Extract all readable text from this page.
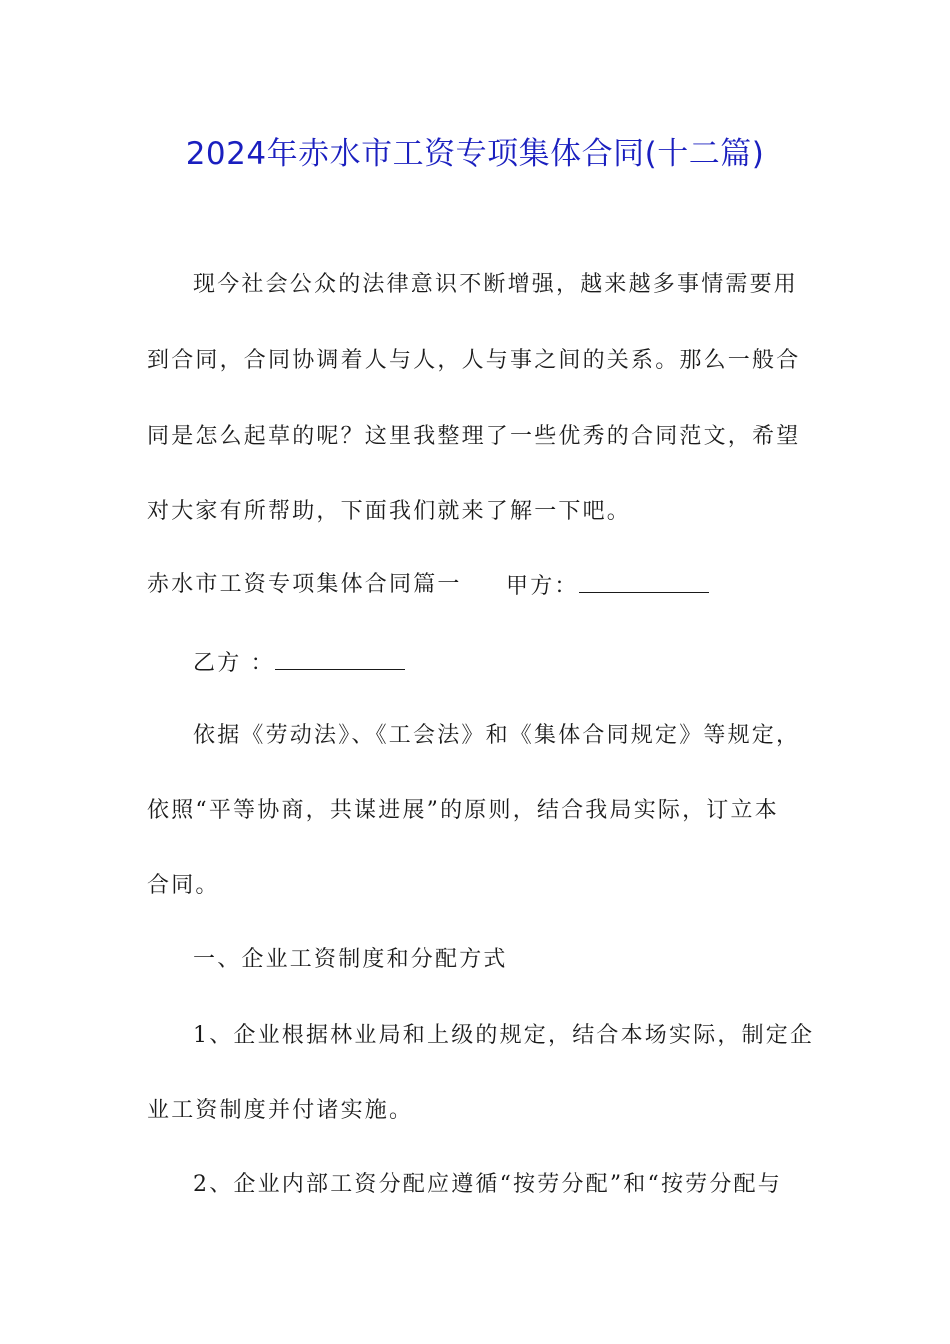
2024年赤水市工资专项集体合同(十二篇)
现今社会公众的法律意识不断增强，越来越多事情需要用
到合同，合同协调着人与人，人与事之间的关系。那么一般合
同是怎么起草的呢？这里我整理了一些优秀的合同范文，希望
对大家有所帮助，下面我们就来了解一下吧。
赤水市工资专项集体合同篇一 甲方：
乙方 ：
依据《劳动法》、《工会法》和《集体合同规定》等规定，
依照“平等协商，共谋进展”的原则，结合我局实际，订立本
合同。
一、企业工资制度和分配方式
1、企业根据林业局和上级的规定，结合本场实际，制定企
业工资制度并付诸实施。
2、企业内部工资分配应遵循“按劳分配”和“按劳分配与
